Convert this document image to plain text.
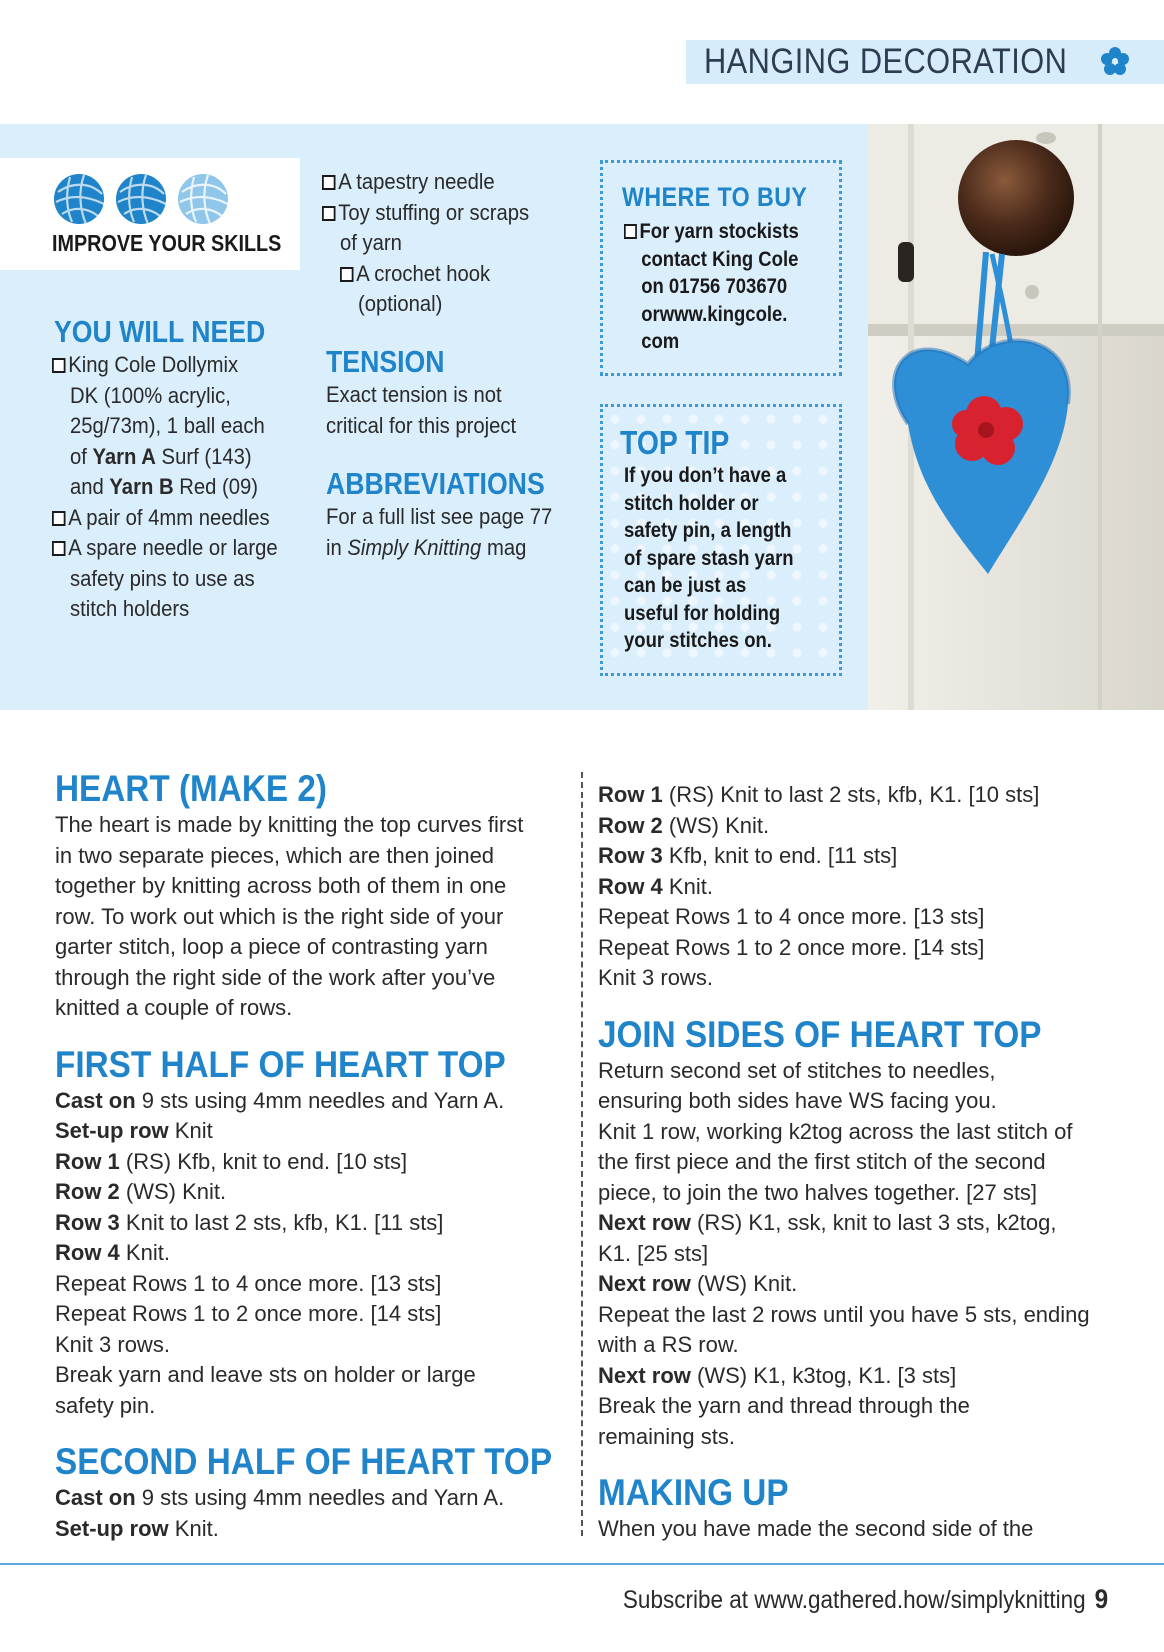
HANGING DECORATION
IMPROVE YOUR SKILLS
YOU WILL NEED
King Cole Dollymix
DK (100% acrylic,
25g/73m), 1 ball each
of Yarn A Surf (143)
and Yarn B Red (09)
A pair of 4mm needles
A spare needle or large
safety pins to use as
stitch holders
A tapestry needle
Toy stuffing or scraps
of yarn
A crochet hook
(optional)
TENSION
Exact tension is not
critical for this project
ABBREVIATIONS
For a full list see page 77
in Simply Knitting mag
WHERE TO BUY
For yarn stockists
contact King Cole
on 01756 703670
orwww.kingcole.
com
TOP TIP
If you don’t have a
stitch holder or
safety pin, a length
of spare stash yarn
can be just as
useful for holding
your stitches on.
HEART (MAKE 2)

The heart is made by knitting the top curves first

in two separate pieces, which are then joined

together by knitting across both of them in one

row. To work out which is the right side of your

garter stitch, loop a piece of contrasting yarn

through the right side of the work after you’ve

knitted a couple of rows.

FIRST HALF OF HEART TOP

Cast on 9 sts using 4mm needles and Yarn A.

Set-up row Knit

Row 1 (RS) Kfb, knit to end. [10 sts]

Row 2 (WS) Knit.

Row 3 Knit to last 2 sts, kfb, K1. [11 sts]

Row 4 Knit.

Repeat Rows 1 to 4 once more. [13 sts]

Repeat Rows 1 to 2 once more. [14 sts]

Knit 3 rows.

Break yarn and leave sts on holder or large

safety pin.

SECOND HALF OF HEART TOP

Cast on 9 sts using 4mm needles and Yarn A.

Set-up row Knit.

Row 1 (RS) Knit to last 2 sts, kfb, K1. [10 sts]

Row 2 (WS) Knit.

Row 3 Kfb, knit to end. [11 sts]

Row 4 Knit.

Repeat Rows 1 to 4 once more. [13 sts]

Repeat Rows 1 to 2 once more. [14 sts]

Knit 3 rows.

JOIN SIDES OF HEART TOP

Return second set of stitches to needles,

ensuring both sides have WS facing you.

Knit 1 row, working k2tog across the last stitch of

the first piece and the first stitch of the second

piece, to join the two halves together. [27 sts]

Next row (RS) K1, ssk, knit to last 3 sts, k2tog,

K1. [25 sts]

Next row (WS) Knit.

Repeat the last 2 rows until you have 5 sts, ending

with a RS row.

Next row (WS) K1, k3tog, K1. [3 sts]

Break the yarn and thread through the

remaining sts.

MAKING UP

When you have made the second side of the

Subscribe at www.gathered.how/simplyknitting 9
